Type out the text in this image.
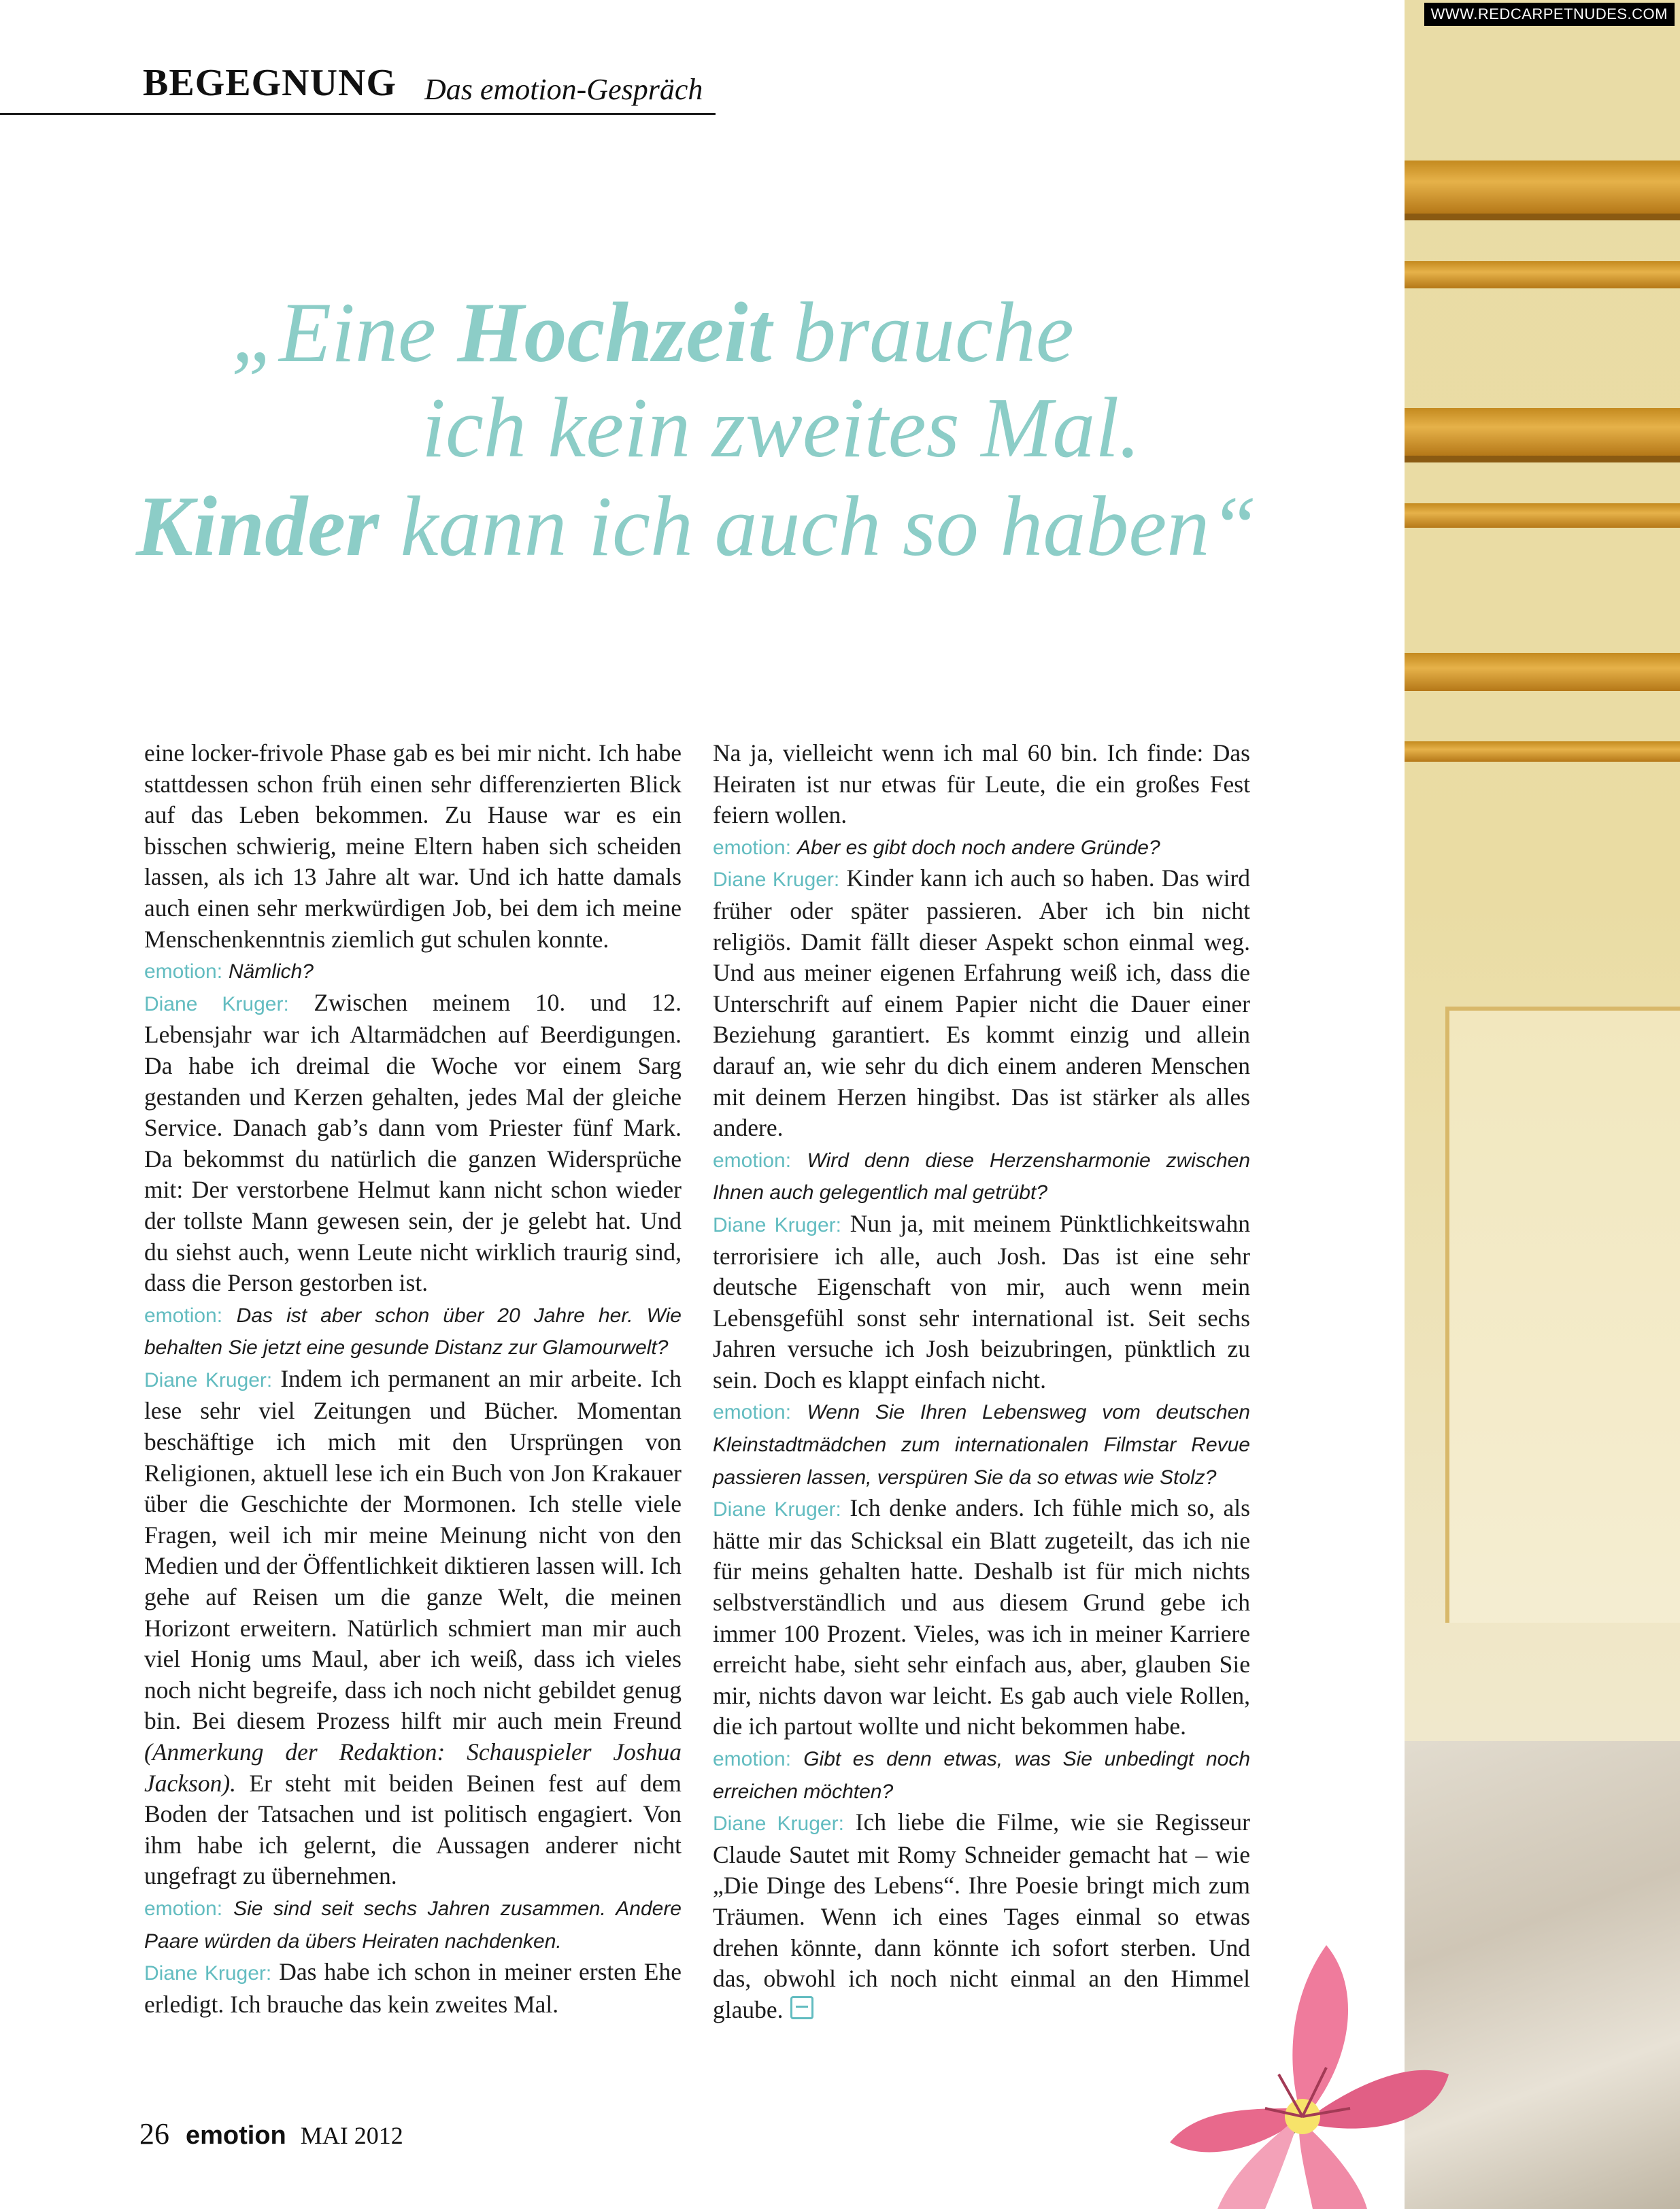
BEGEGNUNG Das emotion-Gespräch
„Eine Hochzeit brauche
ich kein zweites Mal.
Kinder kann ich auch so haben“

eine locker-frivole Phase gab es bei mir nicht. Ich habe stattdessen schon früh einen sehr differenzierten Blick auf das Leben bekommen. Zu Hause war es ein bisschen schwierig, meine Eltern haben sich scheiden lassen, als ich 13 Jahre alt war. Und ich hatte damals auch einen sehr merkwürdigen Job, bei dem ich meine Menschenkenntnis ziemlich gut schulen konnte.

emotion: Nämlich?

Diane Kruger: Zwischen meinem 10. und 12. Lebensjahr war ich Altarmädchen auf Beerdigungen. Da habe ich dreimal die Woche vor einem Sarg gestanden und Kerzen gehalten, jedes Mal der gleiche Service. Danach gab’s dann vom Priester fünf Mark. Da bekommst du natürlich die ganzen Widersprüche mit: Der verstorbene Helmut kann nicht schon wieder der tollste Mann gewesen sein, der je gelebt hat. Und du siehst auch, wenn Leute nicht wirklich traurig sind, dass die Person gestorben ist.

emotion: Das ist aber schon über 20 Jahre her. Wie behalten Sie jetzt eine gesunde Distanz zur Glamourwelt?

Diane Kruger: Indem ich permanent an mir arbeite. Ich lese sehr viel Zeitungen und Bücher. Momentan beschäftige ich mich mit den Ursprüngen von Religionen, aktuell lese ich ein Buch von Jon Krakauer über die Geschichte der Mormonen. Ich stelle viele Fragen, weil ich mir meine Meinung nicht von den Medien und der Öffentlichkeit diktieren lassen will. Ich gehe auf Reisen um die ganze Welt, die meinen Horizont erweitern. Natürlich schmiert man mir auch viel Honig ums Maul, aber ich weiß, dass ich vieles noch nicht begreife, dass ich noch nicht gebildet genug bin. Bei diesem Prozess hilft mir auch mein Freund (Anmerkung der Redaktion: Schauspieler Joshua Jackson). Er steht mit beiden Beinen fest auf dem Boden der Tatsachen und ist politisch engagiert. Von ihm habe ich gelernt, die Aussagen anderer nicht ungefragt zu übernehmen.

emotion: Sie sind seit sechs Jahren zusammen. Andere Paare würden da übers Heiraten nachdenken.

Diane Kruger: Das habe ich schon in meiner ersten Ehe erledigt. Ich brauche das kein zweites Mal.

Na ja, vielleicht wenn ich mal 60 bin. Ich finde: Das Heiraten ist nur etwas für Leute, die ein großes Fest feiern wollen.

emotion: Aber es gibt doch noch andere Gründe?

Diane Kruger: Kinder kann ich auch so haben. Das wird früher oder später passieren. Aber ich bin nicht religiös. Damit fällt dieser Aspekt schon einmal weg. Und aus meiner eigenen Erfahrung weiß ich, dass die Unterschrift auf einem Papier nicht die Dauer einer Beziehung garantiert. Es kommt einzig und allein darauf an, wie sehr du dich einem anderen Menschen mit deinem Herzen hingibst. Das ist stärker als alles andere.

emotion: Wird denn diese Herzensharmonie zwischen Ihnen auch gelegentlich mal getrübt?

Diane Kruger: Nun ja, mit meinem Pünktlichkeitswahn terrorisiere ich alle, auch Josh. Das ist eine sehr deutsche Eigenschaft von mir, auch wenn mein Lebensgefühl sonst sehr international ist. Seit sechs Jahren versuche ich Josh beizubringen, pünktlich zu sein. Doch es klappt einfach nicht.

emotion: Wenn Sie Ihren Lebensweg vom deutschen Kleinstadtmädchen zum internationalen Filmstar Revue passieren lassen, verspüren Sie da so etwas wie Stolz?

Diane Kruger: Ich denke anders. Ich fühle mich so, als hätte mir das Schicksal ein Blatt zugeteilt, das ich nie für meins gehalten hatte. Deshalb ist für mich nichts selbstverständlich und aus diesem Grund gebe ich immer 100 Prozent. Vieles, was ich in meiner Karriere erreicht habe, sieht sehr einfach aus, aber, glauben Sie mir, nichts davon war leicht. Es gab auch viele Rollen, die ich partout wollte und nicht bekommen habe.

emotion: Gibt es denn etwas, was Sie unbedingt noch erreichen möchten?

Diane Kruger: Ich liebe die Filme, wie sie Regisseur Claude Sautet mit Romy Schneider gemacht hat – wie „Die Dinge des Lebens“. Ihre Poesie bringt mich zum Träumen. Wenn ich eines Tages einmal so etwas drehen könnte, dann könnte ich sofort sterben. Und das, obwohl ich noch nicht einmal an den Himmel glaube.

26 emotion MAI 2012
WWW.REDCARPETNUDES.COM
